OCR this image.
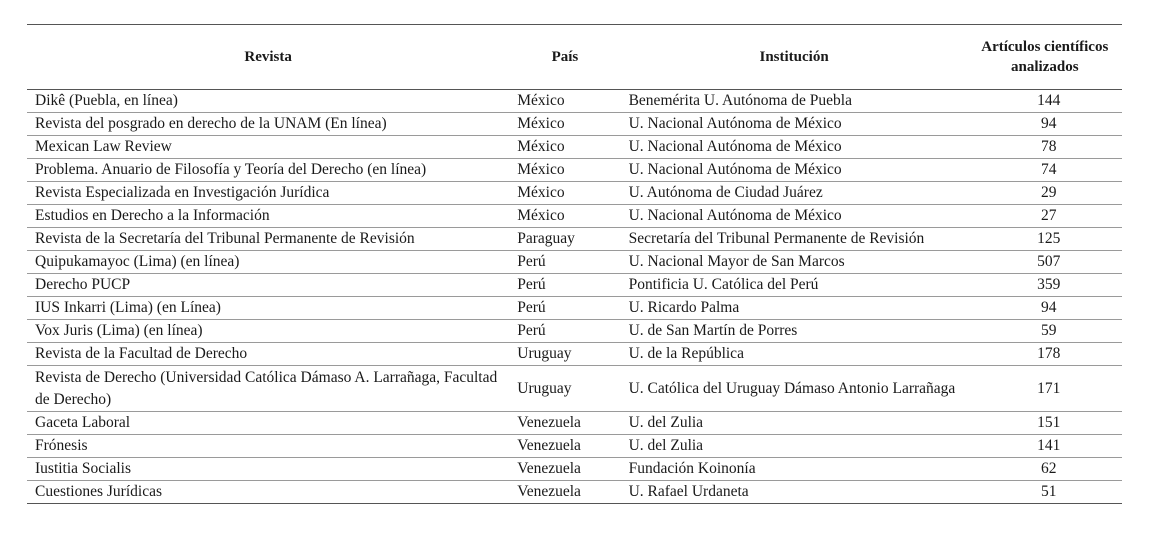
Revista	País	Institución	Artículos científicos analizados
Dikê (Puebla, en línea)	México	Benemérita U. Autónoma de Puebla	144
Revista del posgrado en derecho de la UNAM (En línea)	México	U. Nacional Autónoma de México	94
Mexican Law Review	México	U. Nacional Autónoma de México	78
Problema. Anuario de Filosofía y Teoría del Derecho (en línea)	México	U. Nacional Autónoma de México	74
Revista Especializada en Investigación Jurídica	México	U. Autónoma de Ciudad Juárez	29
Estudios en Derecho a la Información	México	U. Nacional Autónoma de México	27
Revista de la Secretaría del Tribunal Permanente de Revisión	Paraguay	Secretaría del Tribunal Permanente de Revisión	125
Quipukamayoc (Lima) (en línea)	Perú	U. Nacional Mayor de San Marcos	507
Derecho PUCP	Perú	Pontificia U. Católica del Perú	359
IUS Inkarri (Lima) (en Línea)	Perú	U. Ricardo Palma	94
Vox Juris (Lima) (en línea)	Perú	U. de San Martín de Porres	59
Revista de la Facultad de Derecho	Uruguay	U. de la República	178
Revista de Derecho (Universidad Católica Dámaso A. Larrañaga, Facultad de Derecho)	Uruguay	U. Católica del Uruguay Dámaso Antonio Larrañaga	171
Gaceta Laboral	Venezuela	U. del Zulia	151
Frónesis	Venezuela	U. del Zulia	141
Iustitia Socialis	Venezuela	Fundación Koinonía	62
Cuestiones Jurídicas	Venezuela	U. Rafael Urdaneta	51
